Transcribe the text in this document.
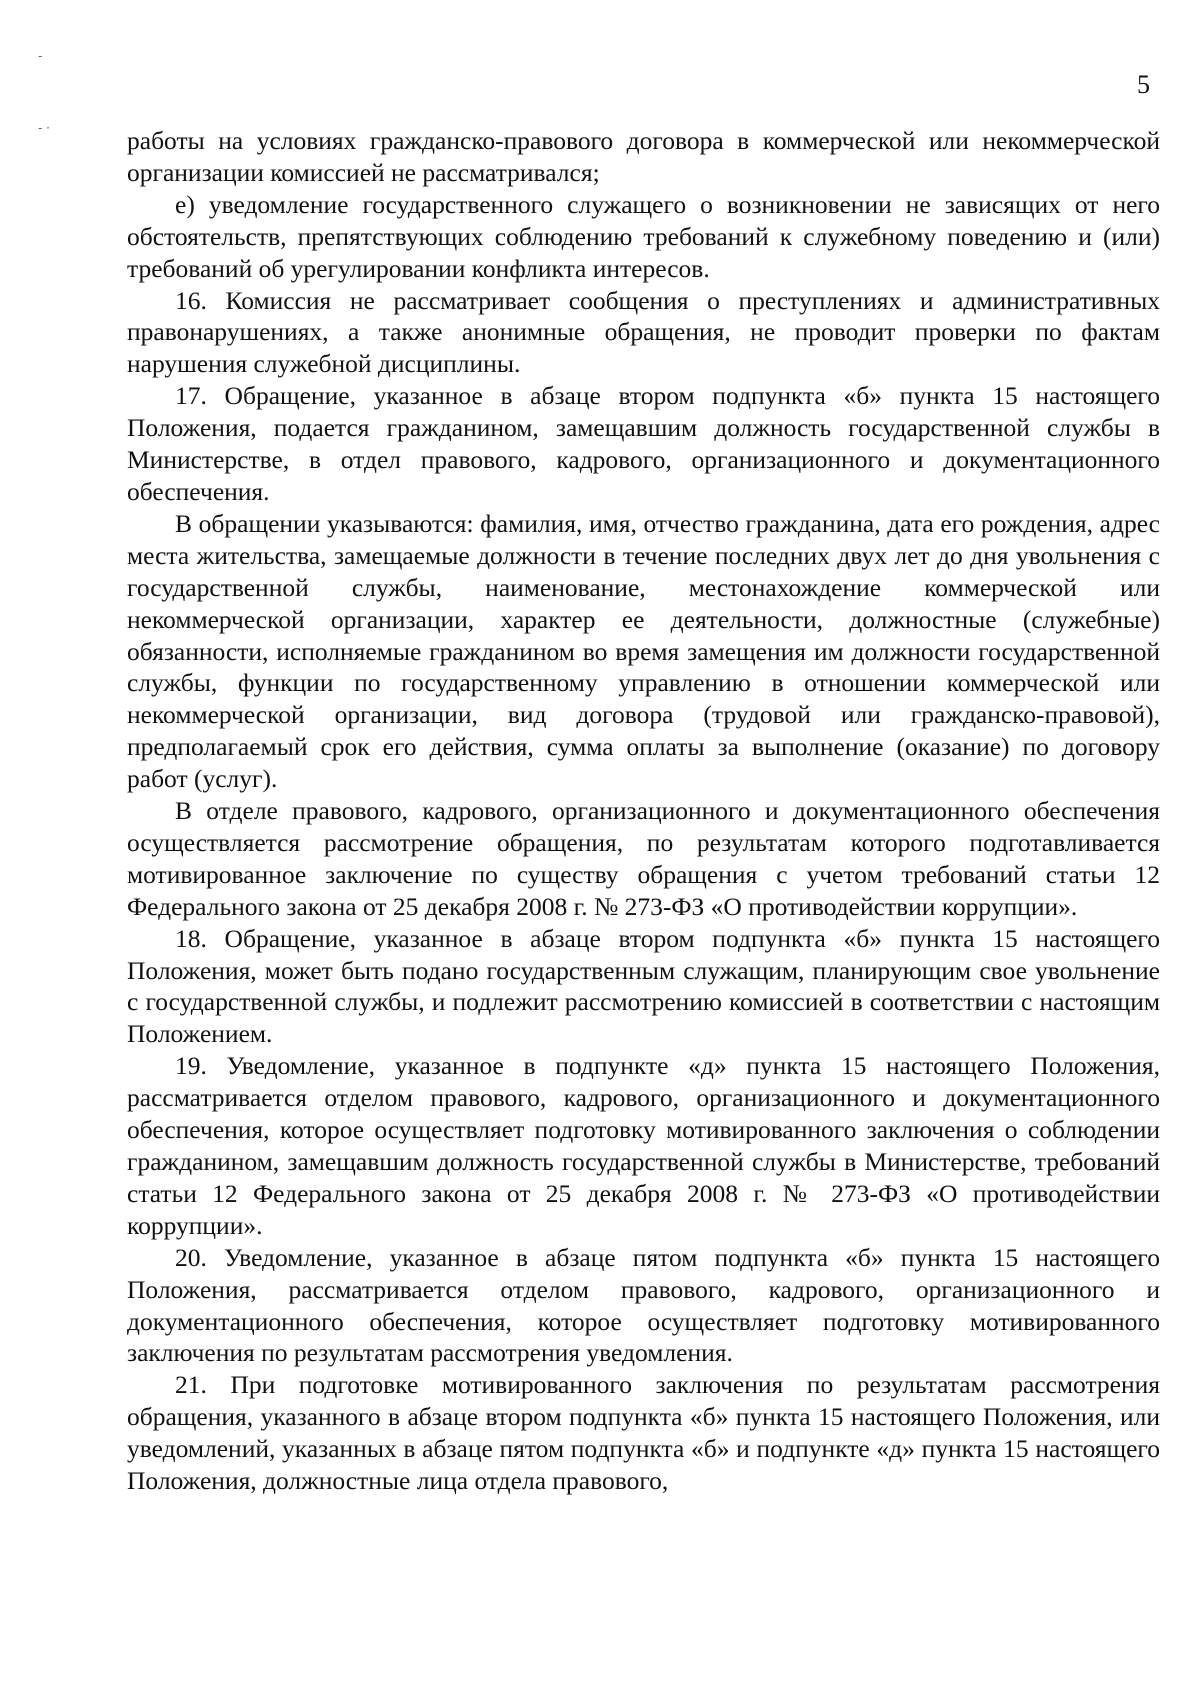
-
- ·
5

работы на условиях гражданско-правового договора в коммерческой или некоммерческой организации комиссией не рассматривался;

е) уведомление государственного служащего о возникновении не зависящих от него обстоятельств, препятствующих соблюдению требований к служебному поведению и (или) требований об урегулировании конфликта интересов.

16. Комиссия не рассматривает сообщения о преступлениях и административных правонарушениях, а также анонимные обращения, не проводит проверки по фактам нарушения служебной дисциплины.

17. Обращение, указанное в абзаце втором подпункта «б» пункта 15 настоящего Положения, подается гражданином, замещавшим должность государственной службы в Министерстве, в отдел правового, кадрового, организационного и документационного обеспечения.

В обращении указываются: фамилия, имя, отчество гражданина, дата его рождения, адрес места жительства, замещаемые должности в течение последних двух лет до дня увольнения с государственной службы, наименование, местонахождение коммерческой или некоммерческой организации, характер ее деятельности, должностные (служебные) обязанности, исполняемые гражданином во время замещения им должности государственной службы, функции по государственному управлению в отношении коммерческой или некоммерческой организации, вид договора (трудовой или гражданско-правовой), предполагаемый срок его действия, сумма оплаты за выполнение (оказание) по договору работ (услуг).

В отделе правового, кадрового, организационного и документационного обеспечения осуществляется рассмотрение обращения, по результатам которого подготавливается мотивированное заключение по существу обращения с учетом требований статьи 12 Федерального закона от 25 декабря 2008 г. № 273-ФЗ «О противодействии коррупции».

18. Обращение, указанное в абзаце втором подпункта «б» пункта 15 настоящего Положения, может быть подано государственным служащим, планирующим свое увольнение с государственной службы, и подлежит рассмотрению комиссией в соответствии с настоящим Положением.

19. Уведомление, указанное в подпункте «д» пункта 15 настоящего Положения, рассматривается отделом правового, кадрового, организационного и документационного обеспечения, которое осуществляет подготовку мотивированного заключения о соблюдении гражданином, замещавшим должность государственной службы в Министерстве, требований статьи 12 Федерального закона от 25 декабря 2008 г. № 273-ФЗ «О противодействии коррупции».

20. Уведомление, указанное в абзаце пятом подпункта «б» пункта 15 настоящего Положения, рассматривается отделом правового, кадрового, организационного и документационного обеспечения, которое осуществляет подготовку мотивированного заключения по результатам рассмотрения уведомления.

21. При подготовке мотивированного заключения по результатам рассмотрения обращения, указанного в абзаце втором подпункта «б» пункта 15 настоящего Положения, или уведомлений, указанных в абзаце пятом подпункта «б» и подпункте «д» пункта 15 настоящего Положения, должностные лица отдела правового,
